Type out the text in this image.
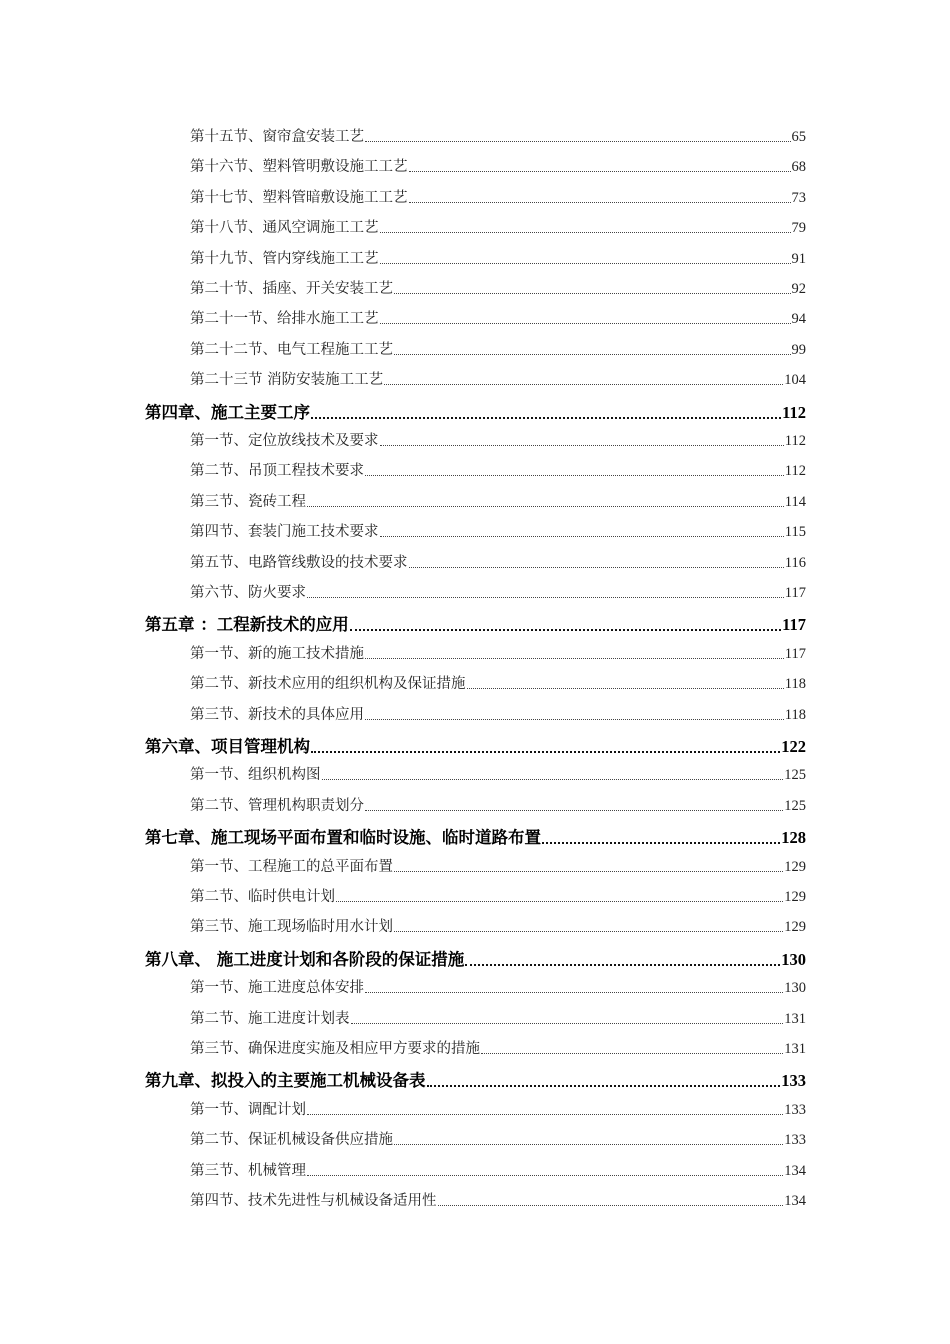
第十五节、窗帘盒安装工艺	65
第十六节、塑料管明敷设施工工艺	68
第十七节、塑料管暗敷设施工工艺	73
第十八节、通风空调施工工艺	79
第十九节、管内穿线施工工艺	91
第二十节、插座、开关安装工艺	92
第二十一节、给排水施工工艺	94
第二十二节、电气工程施工工艺	99
第二十三节 消防安装施工工艺	104
第四章、施工主要工序	112
第一节、定位放线技术及要求	112
第二节、吊顶工程技术要求	112
第三节、瓷砖工程	114
第四节、套装门施工技术要求	115
第五节、电路管线敷设的技术要求	116
第六节、防火要求	117
第五章 ：工程新技术的应用	117
第一节、新的施工技术措施	117
第二节、新技术应用的组织机构及保证措施	118
第三节、新技术的具体应用	118
第六章、项目管理机构	122
第一节、组织机构图	125
第二节、管理机构职责划分	125
第七章、施工现场平面布置和临时设施、临时道路布置	128
第一节、工程施工的总平面布置	129
第二节、临时供电计划	129
第三节、施工现场临时用水计划	129
第八章、 施工进度计划和各阶段的保证措施	130
第一节、施工进度总体安排	130
第二节、施工进度计划表	131
第三节、确保进度实施及相应甲方要求的措施	131
第九章、拟投入的主要施工机械设备表	133
第一节、调配计划	133
第二节、保证机械设备供应措施	133
第三节、机械管理	134
第四节、技术先进性与机械设备适用性	134
